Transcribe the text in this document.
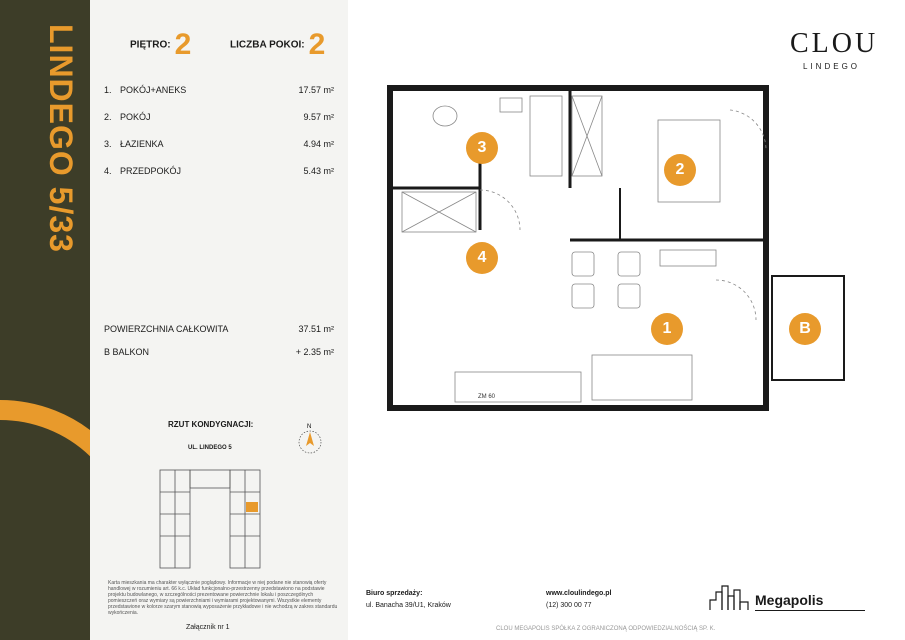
LINDEGO 5/33	PIĘTRO: 2	LICZBA POKOI: 2
1. POKÓJ+ANEKS	17.57 m²
2. POKÓJ	9.57 m²
3. ŁAZIENKA	4.94 m²
4. PRZEDPOKÓJ	5.43 m²
POWIERZCHNIA CAŁKOWITA	37.51 m²
B BALKON	+ 2.35 m²
RZUT KONDYGNACJI:
UL. LINDEGO 5
N
Karta mieszkania ma charakter wyłącznie poglądowy. Informacje w niej podane nie stanowią oferty handlowej w rozumieniu art. 66 k.c. Układ funkcjonalno-przestrzenny przedstawiono na podstawie projektu budowlanego, w szczególności prezentowane powierzchnie lokalu i poszczególnych pomieszczeń oraz wymiary są powierzchniami i wymiarami projektowanymi. Wszystkie elementy przedstawione w kolorze szarym stanowią wyposażenie przykładowe i nie wchodzą w zakres standardu wykończenia.
Załącznik nr 1
ZM 60
3
2
4
1	B
CLOU
LINDEGO
Biuro sprzedaży:
ul. Banacha 39/U1, Kraków
www.cloulindego.pl
(12) 300 00 77
CLOU MEGAPOLIS SPÓŁKA Z OGRANICZONĄ ODPOWIEDZIALNOŚCIĄ SP. K.
Megapolis
